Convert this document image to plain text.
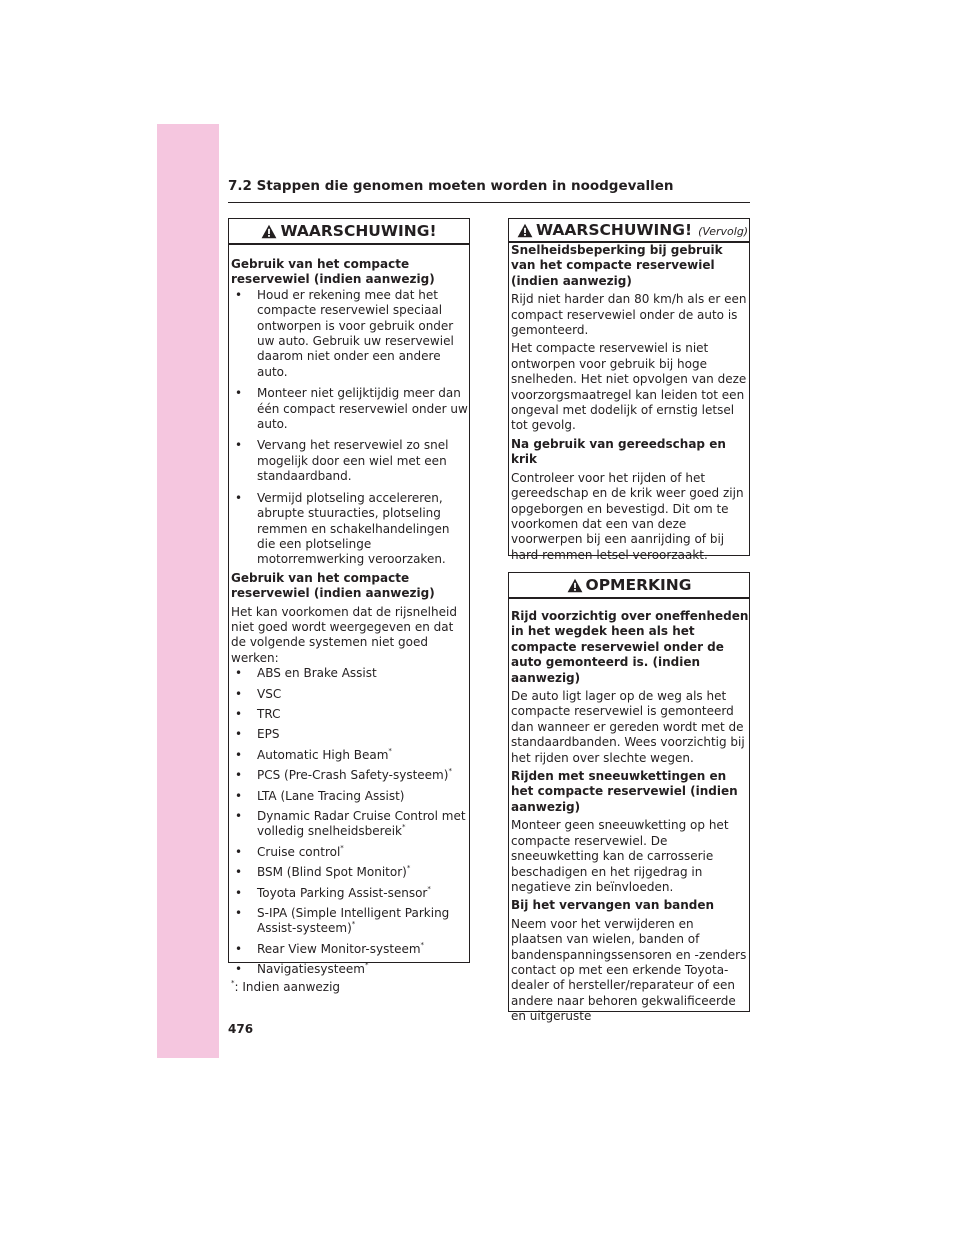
7.2 Stappen die genomen moeten worden in noodgevallen
WAARSCHUWING!

Gebruik van het compacte reservewiel (indien aanwezig)

• Houd er rekening mee dat het compacte reservewiel speciaal ontworpen is voor gebruik onder uw auto. Gebruik uw reservewiel daarom niet onder een andere auto.

• Monteer niet gelijktijdig meer dan één compact reservewiel onder uw auto.

• Vervang het reservewiel zo snel mogelijk door een wiel met een standaardband.

• Vermijd plotseling accelereren, abrupte stuuracties, plotseling remmen en schakelhandelingen die een plotselinge motorremwerking veroorzaken.

Gebruik van het compacte reservewiel (indien aanwezig)

Het kan voorkomen dat de rijsnelheid niet goed wordt weergegeven en dat de volgende systemen niet goed werken:

• ABS en Brake Assist

• VSC

• TRC

• EPS

• Automatic High Beam*

• PCS (Pre-Crash Safety-systeem)*

• LTA (Lane Tracing Assist)

• Dynamic Radar Cruise Control met volledig snelheidsbereik*

• Cruise control*

• BSM (Blind Spot Monitor)*

• Toyota Parking Assist-sensor*

• S-IPA (Simple Intelligent Parking Assist-systeem)*

• Rear View Monitor-systeem*

• Navigatiesysteem*

*: Indien aanwezig

WAARSCHUWING! (Vervolg)

Snelheidsbeperking bij gebruik van het compacte reservewiel (indien aanwezig)

Rijd niet harder dan 80 km/h als er een compact reservewiel onder de auto is gemonteerd.

Het compacte reservewiel is niet ontworpen voor gebruik bij hoge snelheden. Het niet opvolgen van deze voorzorgsmaatregel kan leiden tot een ongeval met dodelijk of ernstig letsel tot gevolg.

Na gebruik van gereedschap en krik

Controleer voor het rijden of het gereedschap en de krik weer goed zijn opgeborgen en bevestigd. Dit om te voorkomen dat een van deze voorwerpen bij een aanrijding of bij hard remmen letsel veroorzaakt.

OPMERKING

Rijd voorzichtig over oneffenheden in het wegdek heen als het compacte reservewiel onder de auto gemonteerd is. (indien aanwezig)

De auto ligt lager op de weg als het compacte reservewiel is gemonteerd dan wanneer er gereden wordt met de standaardbanden. Wees voorzichtig bij het rijden over slechte wegen.

Rijden met sneeuwkettingen en het compacte reservewiel (indien aanwezig)

Monteer geen sneeuwketting op het compacte reservewiel. De sneeuwketting kan de carrosserie beschadigen en het rijgedrag in negatieve zin beïnvloeden.

Bij het vervangen van banden

Neem voor het verwijderen en plaatsen van wielen, banden of bandenspanningssensoren en -zenders contact op met een erkende Toyota-dealer of hersteller/reparateur of een andere naar behoren gekwalificeerde en uitgeruste

476
